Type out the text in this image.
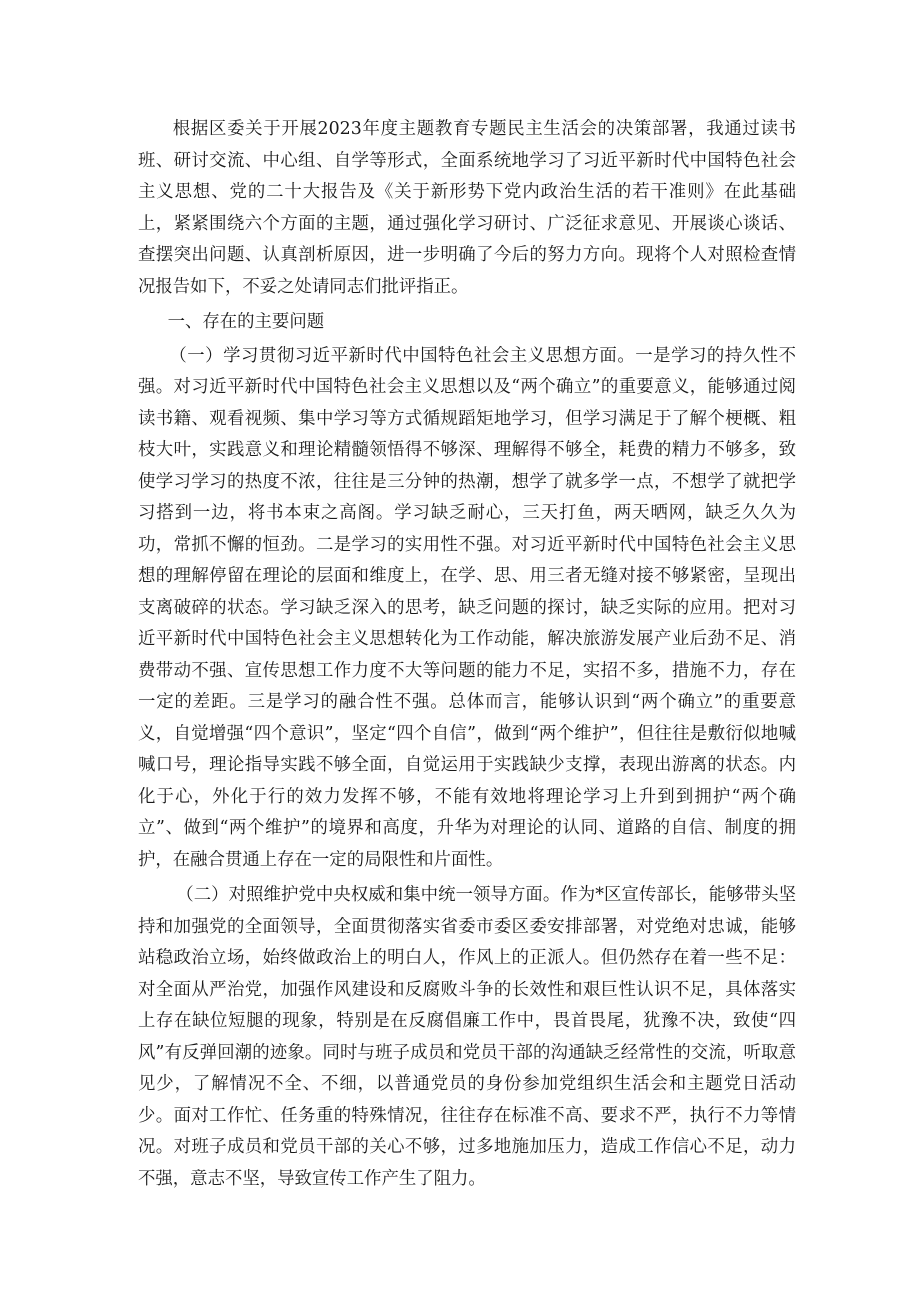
根据区委关于开展2023年度主题教育专题民主生活会的决策部署，我通过读书班、研讨交流、中心组、自学等形式，全面系统地学习了习近平新时代中国特色社会主义思想、党的二十大报告及《关于新形势下党内政治生活的若干准则》在此基础上，紧紧围绕六个方面的主题，通过强化学习研讨、广泛征求意见、开展谈心谈话、查摆突出问题、认真剖析原因，进一步明确了今后的努力方向。现将个人对照检查情况报告如下，不妥之处请同志们批评指正。

一、存在的主要问题

（一）学习贯彻习近平新时代中国特色社会主义思想方面。一是学习的持久性不强。对习近平新时代中国特色社会主义思想以及“两个确立”的重要意义，能够通过阅读书籍、观看视频、集中学习等方式循规蹈矩地学习，但学习满足于了解个梗概、粗枝大叶，实践意义和理论精髓领悟得不够深、理解得不够全，耗费的精力不够多，致使学习学习的热度不浓，往往是三分钟的热潮，想学了就多学一点，不想学了就把学习搭到一边，将书本束之高阁。学习缺乏耐心，三天打鱼，两天晒网，缺乏久久为功，常抓不懈的恒劲。二是学习的实用性不强。对习近平新时代中国特色社会主义思想的理解停留在理论的层面和维度上，在学、思、用三者无缝对接不够紧密，呈现出支离破碎的状态。学习缺乏深入的思考，缺乏问题的探讨，缺乏实际的应用。把对习近平新时代中国特色社会主义思想转化为工作动能，解决旅游发展产业后劲不足、消费带动不强、宣传思想工作力度不大等问题的能力不足，实招不多，措施不力，存在一定的差距。三是学习的融合性不强。总体而言，能够认识到“两个确立”的重要意义，自觉增强“四个意识”，坚定“四个自信”，做到“两个维护”，但往往是敷衍似地喊喊口号，理论指导实践不够全面，自觉运用于实践缺少支撑，表现出游离的状态。内化于心，外化于行的效力发挥不够，不能有效地将理论学习上升到到拥护“两个确立”、做到“两个维护”的境界和高度，升华为对理论的认同、道路的自信、制度的拥护，在融合贯通上存在一定的局限性和片面性。

（二）对照维护党中央权威和集中统一领导方面。作为*区宣传部长，能够带头坚持和加强党的全面领导，全面贯彻落实省委市委区委安排部署，对党绝对忠诚，能够站稳政治立场，始终做政治上的明白人，作风上的正派人。但仍然存在着一些不足：对全面从严治党，加强作风建设和反腐败斗争的长效性和艰巨性认识不足，具体落实上存在缺位短腿的现象，特别是在反腐倡廉工作中，畏首畏尾，犹豫不决，致使“四风”有反弹回潮的迹象。同时与班子成员和党员干部的沟通缺乏经常性的交流，听取意见少，了解情况不全、不细，以普通党员的身份参加党组织生活会和主题党日活动少。面对工作忙、任务重的特殊情况，往往存在标准不高、要求不严，执行不力等情况。对班子成员和党员干部的关心不够，过多地施加压力，造成工作信心不足，动力不强，意志不坚，导致宣传工作产生了阻力。
